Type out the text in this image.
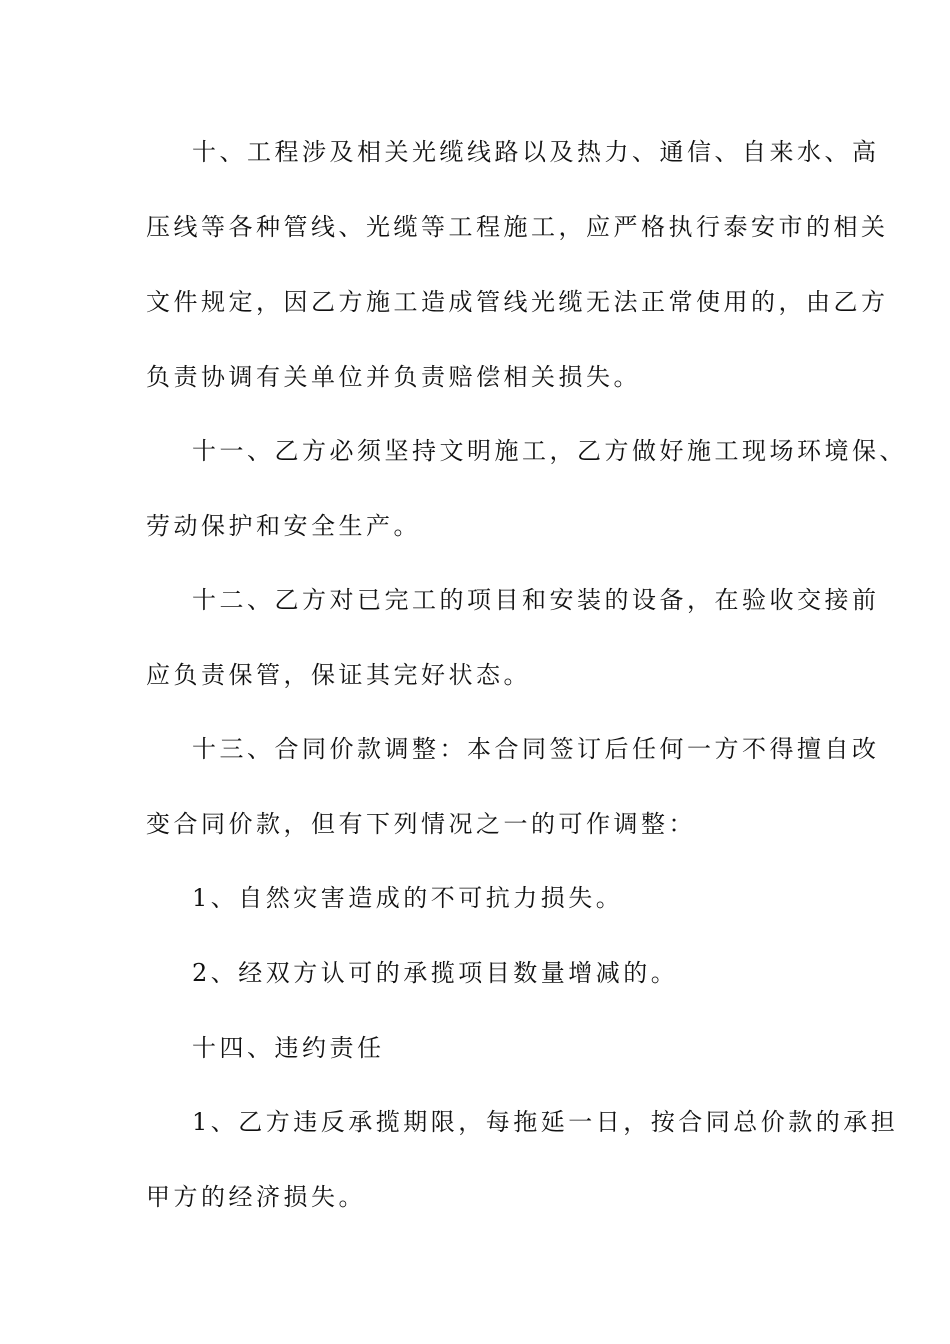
十、工程涉及相关光缆线路以及热力、通信、自来水、高
压线等各种管线、光缆等工程施工，应严格执行泰安市的相关
文件规定，因乙方施工造成管线光缆无法正常使用的，由乙方
负责协调有关单位并负责赔偿相关损失。
十一、乙方必须坚持文明施工，乙方做好施工现场环境保、
劳动保护和安全生产。
十二、乙方对已完工的项目和安装的设备，在验收交接前
应负责保管，保证其完好状态。
十三、合同价款调整：本合同签订后任何一方不得擅自改
变合同价款，但有下列情况之一的可作调整：
1、自然灾害造成的不可抗力损失。
2、经双方认可的承揽项目数量增减的。
十四、违约责任
1、乙方违反承揽期限，每拖延一日，按合同总价款的承担
甲方的经济损失。
